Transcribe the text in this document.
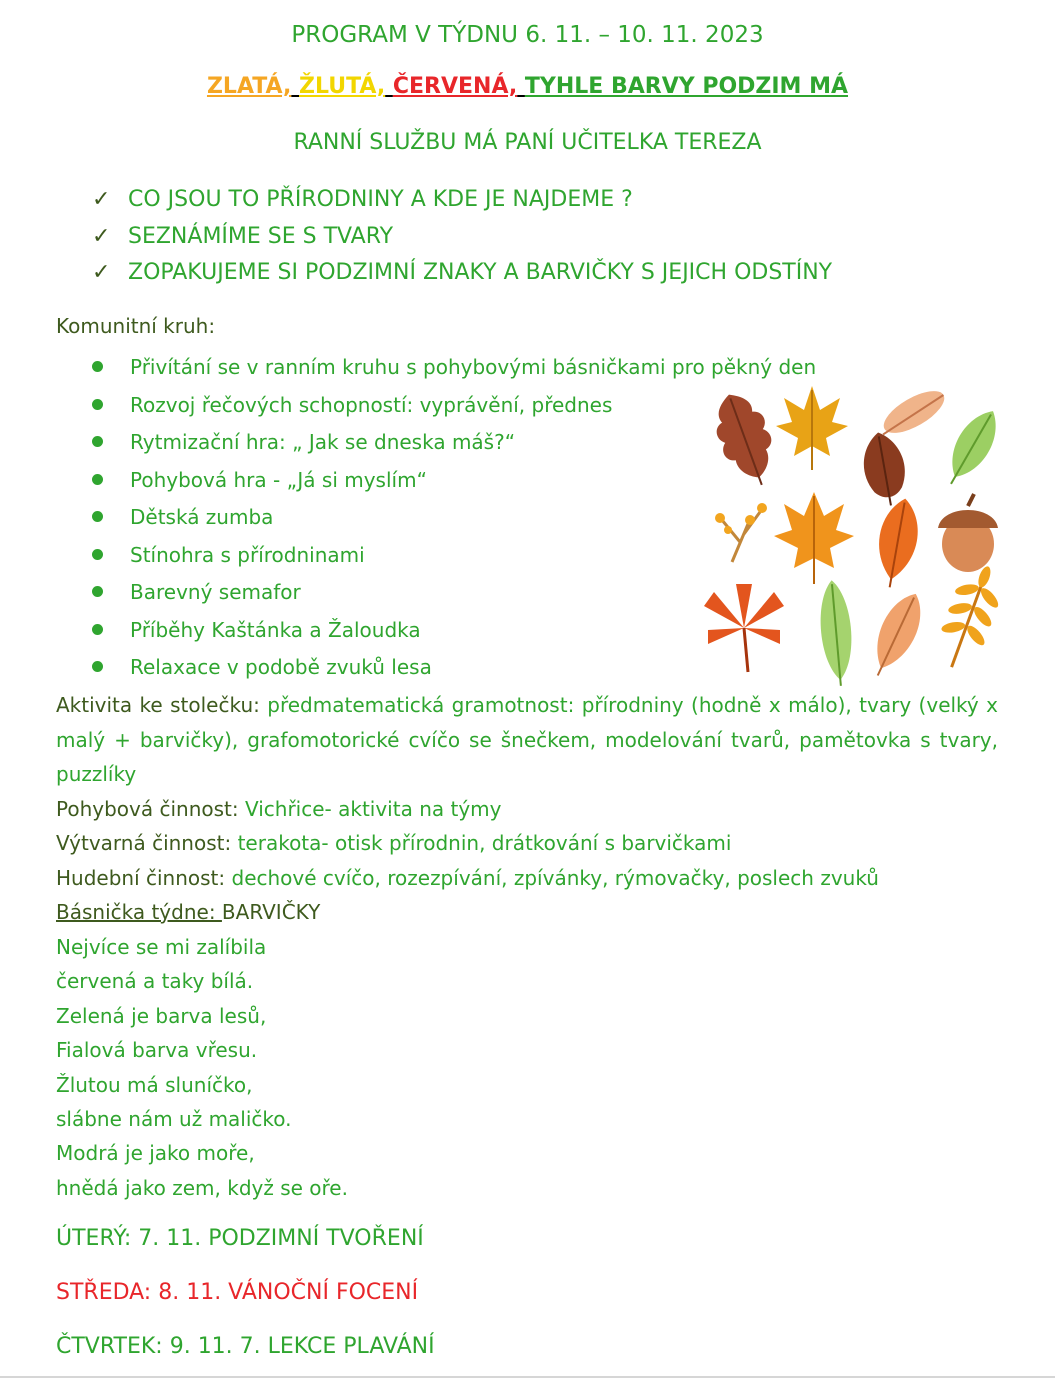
PROGRAM V TÝDNU 6. 11. – 10. 11. 2023
ZLATÁ, ŽLUTÁ, ČERVENÁ, TYHLE BARVY PODZIM MÁ
RANNÍ SLUŽBU MÁ PANÍ UČITELKA TEREZA
✓ CO JSOU TO PŘÍRODNINY A KDE JE NAJDEME ?
✓ SEZNÁMÍME SE S TVARY
✓ ZOPAKUJEME SI PODZIMNÍ ZNAKY A BARVIČKY S JEJICH ODSTÍNY
Komunitní kruh:
Přivítání se v ranním kruhu s pohybovými básničkami pro pěkný den
Rozvoj řečových schopností: vyprávění, přednes
Rytmizační hra: „ Jak se dneska máš?“
Pohybová hra - „Já si myslím“
Dětská zumba
Stínohra s přírodninami
Barevný semafor
Příběhy Kaštánka a Žaloudka
Relaxace v podobě zvuků lesa
Aktivita ke stolečku: předmatematická gramotnost: přírodniny (hodně x málo), tvary (velký x malý + barvičky), grafomotorické cvíčo se šnečkem, modelování tvarů, pamětovka s tvary, puzzlíky
Pohybová činnost: Vichřice- aktivita na týmy
Výtvarná činnost: terakota- otisk přírodnin, drátkování s barvičkami
Hudební činnost: dechové cvíčo, rozezpívání, zpívánky, rýmovačky, poslech zvuků
Básnička týdne: BARVIČKY
Nejvíce se mi zalíbila
červená a taky bílá.
Zelená je barva lesů,
Fialová barva vřesu.
Žlutou má sluníčko,
slábne nám už maličko.
Modrá je jako moře,
hnědá jako zem, když se oře.
ÚTERÝ: 7. 11. PODZIMNÍ TVOŘENÍ
STŘEDA: 8. 11. VÁNOČNÍ FOCENÍ
ČTVRTEK: 9. 11. 7. LEKCE PLAVÁNÍ
